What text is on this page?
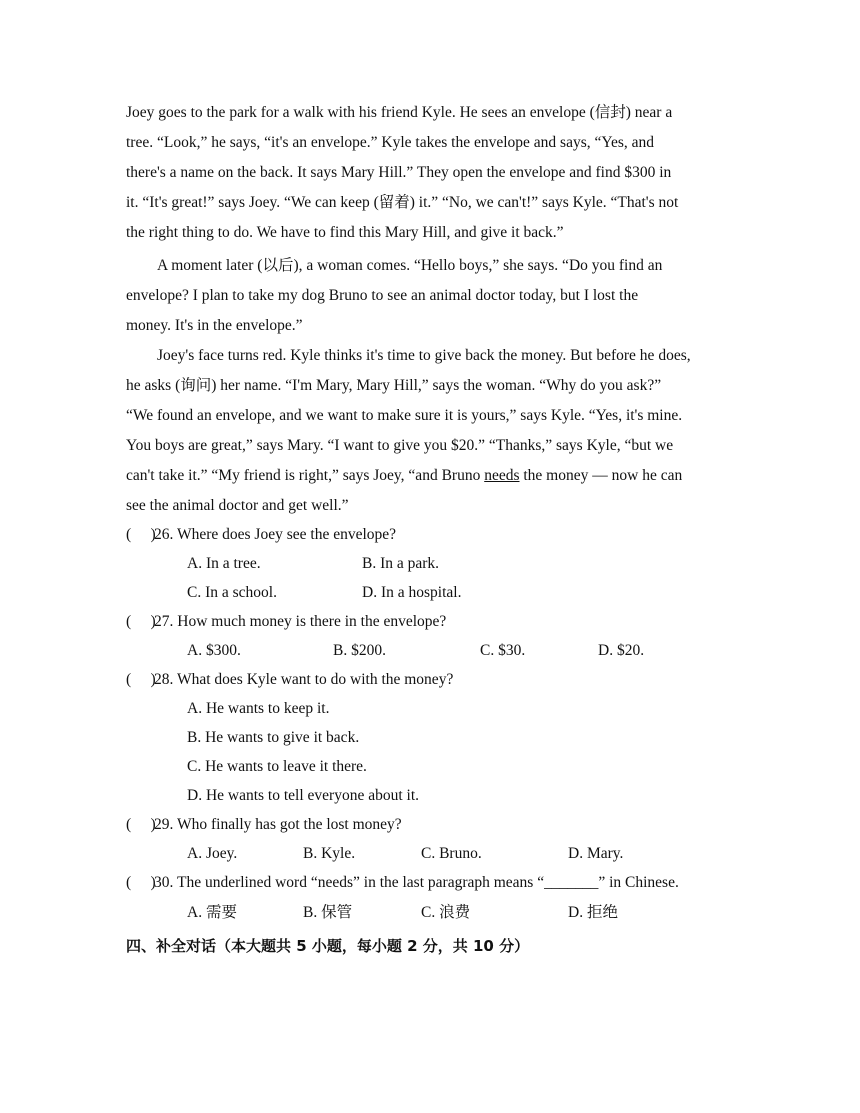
Joey goes to the park for a walk with his friend Kyle. He sees an envelope (信封) near a
tree. “Look,” he says, “it's an envelope.” Kyle takes the envelope and says, “Yes, and
there's a name on the back. It says Mary Hill.” They open the envelope and find $300 in
it. “It's great!” says Joey. “We can keep (留着) it.” “No, we can't!” says Kyle. “That's not
the right thing to do. We have to find this Mary Hill, and give it back.”
A moment later (以后), a woman comes. “Hello boys,” she says. “Do you find an
envelope? I plan to take my dog Bruno to see an animal doctor today, but I lost the
money. It's in the envelope.”
Joey's face turns red. Kyle thinks it's time to give back the money. But before he does,
he asks (询问) her name. “I'm Mary, Mary Hill,” says the woman. “Why do you ask?”
“We found an envelope, and we want to make sure it is yours,” says Kyle. “Yes, it's mine.
You boys are great,” says Mary. “I want to give you $20.” “Thanks,” says Kyle, “but we
can't take it.” “My friend is right,” says Joey, “and Bruno needs the money — now he can
see the animal doctor and get well.”
(     )26. Where does Joey see the envelope?
A. In a tree.	B. In a park.
C. In a school.	D. In a hospital.
(     )27. How much money is there in the envelope?
A. $300.	B. $200.	C. $30.	D. $20.
(     )28. What does Kyle want to do with the money?
A. He wants to keep it.
B. He wants to give it back.
C. He wants to leave it there.
D. He wants to tell everyone about it.
(     )29. Who finally has got the lost money?
A. Joey.	B. Kyle.	C. Bruno.	D. Mary.
(     )30. The underlined word “needs” in the last paragraph means “_______” in Chinese.
A. 需要	B. 保管	C. 浪费	D. 拒绝
四、补全对话（本大题共 5 小题，每小题 2 分，共 10 分）
